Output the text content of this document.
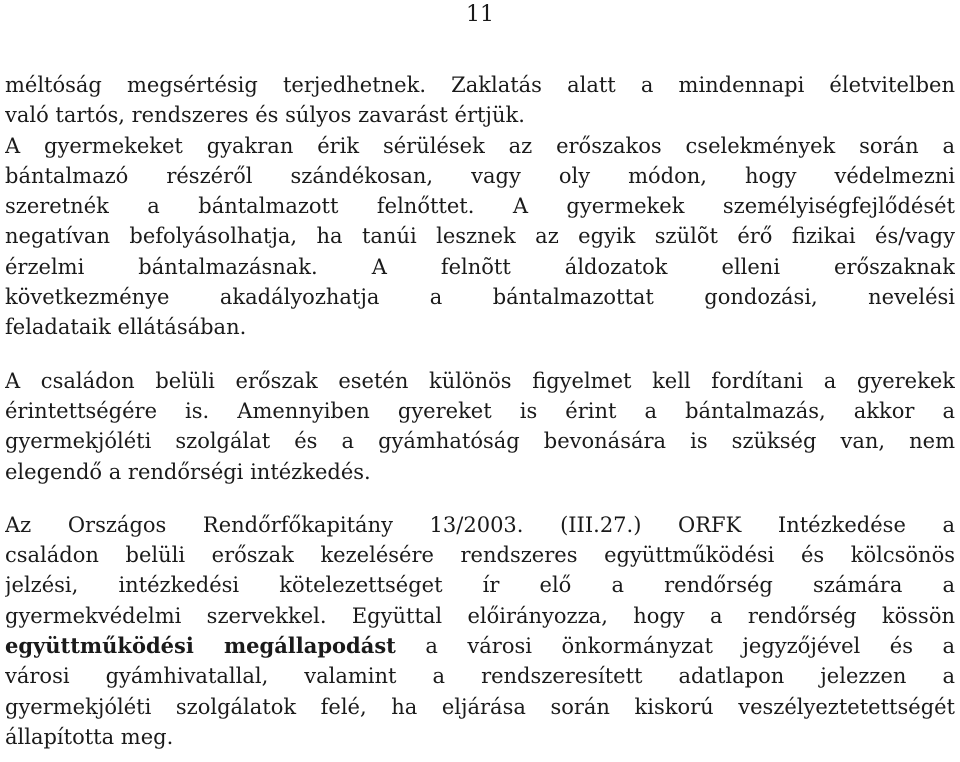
11
méltóság megsértésig terjedhetnek. Zaklatás alatt a mindennapi életvitelben
való tartós, rendszeres és súlyos zavarást értjük.
A gyermekeket gyakran érik sérülések az erőszakos cselekmények során a
bántalmazó részéről szándékosan, vagy oly módon, hogy védelmezni
szeretnék a bántalmazott felnőttet. A gyermekek személyiségfejlődését
negatívan befolyásolhatja, ha tanúi lesznek az egyik szülõt érő fizikai és/vagy
érzelmi bántalmazásnak. A felnõtt áldozatok elleni erőszaknak
következménye akadályozhatja a bántalmazottat gondozási, nevelési
feladataik ellátásában.
A családon belüli erőszak esetén különös figyelmet kell fordítani a gyerekek
érintettségére is. Amennyiben gyereket is érint a bántalmazás, akkor a
gyermekjóléti szolgálat és a gyámhatóság bevonására is szükség van, nem
elegendő a rendőrségi intézkedés.
Az Országos Rendőrfőkapitány 13/2003. (III.27.) ORFK Intézkedése a
családon belüli erőszak kezelésére rendszeres együttműködési és kölcsönös
jelzési, intézkedési kötelezettséget ír elő a rendőrség számára a
gyermekvédelmi szervekkel. Együttal előirányozza, hogy a rendőrség kössön
együttműködési megállapodást a városi önkormányzat jegyzőjével és a
városi gyámhivatallal, valamint a rendszeresített adatlapon jelezzen a
gyermekjóléti szolgálatok felé, ha eljárása során kiskorú veszélyeztetettségét
állapította meg.
